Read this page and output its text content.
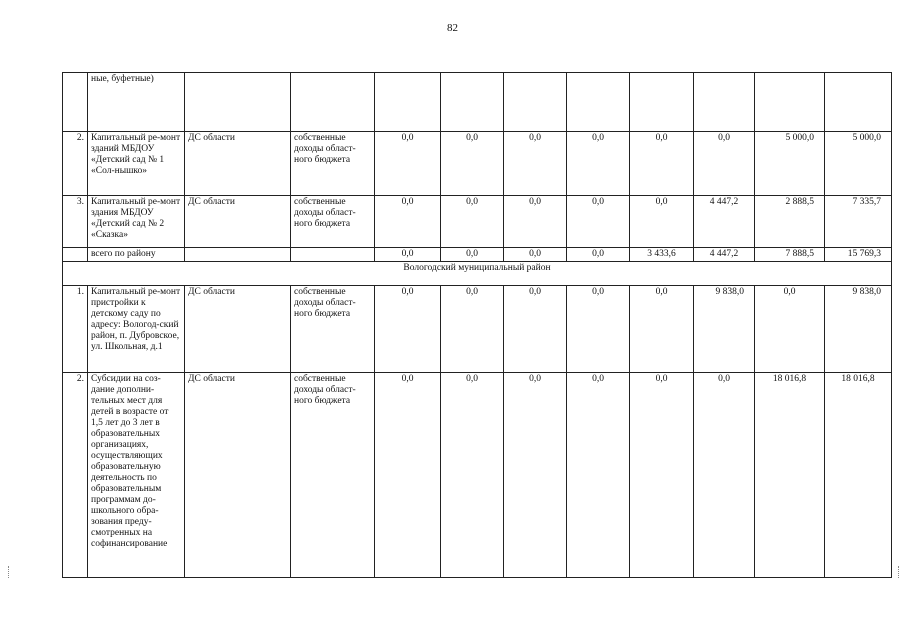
82
	ные, буфетные)										
2.	Капитальный ре-монт зданий МБДОУ «Детский сад № 1 «Сол-нышко»	ДС области	собственные доходы област-ного бюджета	0,0	0,0	0,0	0,0	0,0	0,0	5 000,0	5 000,0
3.	Капитальный ре-монт здания МБДОУ «Детский сад № 2 «Сказка»	ДС области	собственные доходы област-ного бюджета	0,0	0,0	0,0	0,0	0,0	4 447,2	2 888,5	7 335,7
	всего по району			0,0	0,0	0,0	0,0	3 433,6	4 447,2	7 888,5	15 769,3
Вологодский муниципальный район											
1.	Капитальный ре-монт пристройки к детскому саду по адресу: Вологод-ский район, п. Дубровское, ул. Школьная, д.1	ДС области	собственные доходы област-ного бюджета	0,0	0,0	0,0	0,0	0,0	9 838,0	0,0	9 838,0
2.	Субсидии на соз-дание дополни-тельных мест для детей в возрасте от 1,5 лет до 3 лет в образовательных организациях, осуществляющих образовательную деятельность по образовательным программам до-школьного обра-зования преду-смотренных на софинансирование	ДС области	собственные доходы област-ного бюджета	0,0	0,0	0,0	0,0	0,0	0,0	18 016,8	18 016,8
